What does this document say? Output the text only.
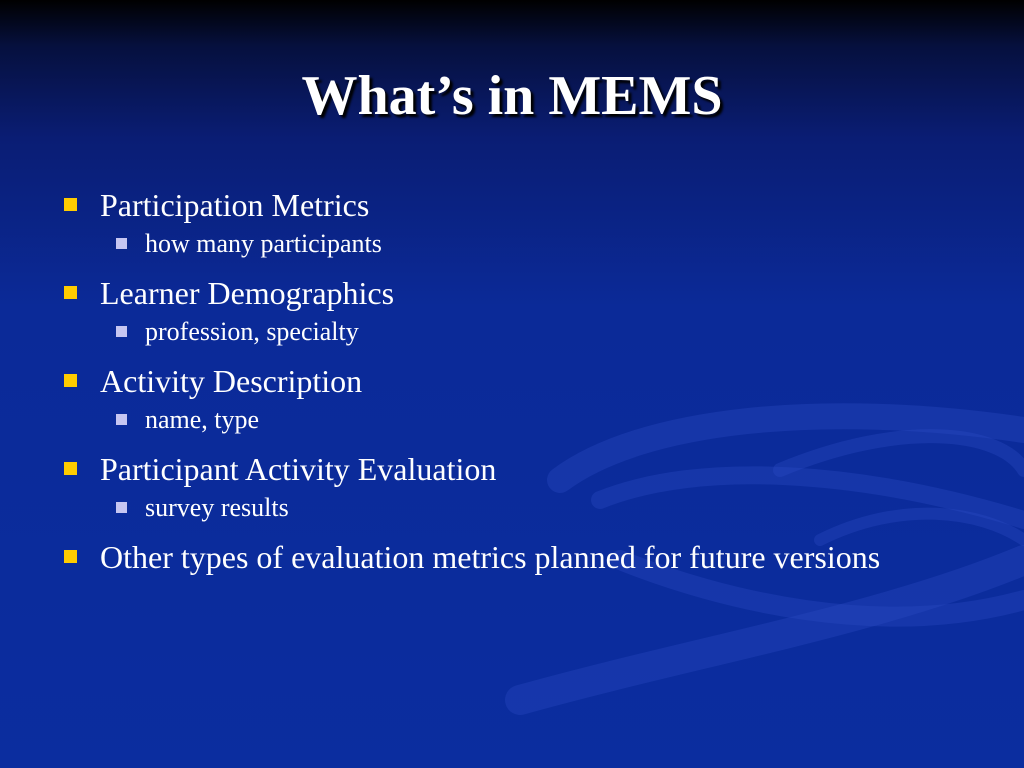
What’s in MEMS
Participation Metrics
how many participants
Learner Demographics
profession, specialty
Activity Description
name, type
Participant Activity Evaluation
survey results
Other types of evaluation metrics planned for future versions
